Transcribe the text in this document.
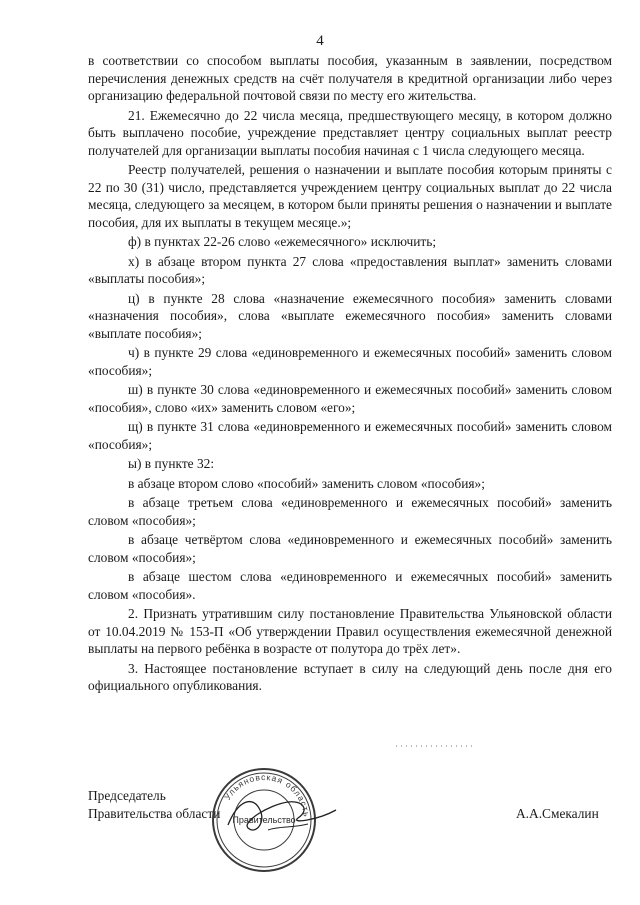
4

в соответствии со способом выплаты пособия, указанным в заявлении, посредством перечисления денежных средств на счёт получателя в кредитной организации либо через организацию федеральной почтовой связи по месту его жительства.

21. Ежемесячно до 22 числа месяца, предшествующего месяцу, в котором должно быть выплачено пособие, учреждение представляет центру социальных выплат реестр получателей для организации выплаты пособия начиная с 1 числа следующего месяца.

Реестр получателей, решения о назначении и выплате пособия которым приняты с 22 по 30 (31) число, представляется учреждением центру социальных выплат до 22 числа месяца, следующего за месяцем, в котором были приняты решения о назначении и выплате пособия, для их выплаты в текущем месяце.»;

ф) в пунктах 22-26 слово «ежемесячного» исключить;

х) в абзаце втором пункта 27 слова «предоставления выплат» заменить словами «выплаты пособия»;

ц) в пункте 28 слова «назначение ежемесячного пособия» заменить словами «назначения пособия», слова «выплате ежемесячного пособия» заменить словами «выплате пособия»;

ч) в пункте 29 слова «единовременного и ежемесячных пособий» заменить словом «пособия»;

ш) в пункте 30 слова «единовременного и ежемесячных пособий» заменить словом «пособия», слово «их» заменить словом «его»;

щ) в пункте 31 слова «единовременного и ежемесячных пособий» заменить словом «пособия»;

ы) в пункте 32:

в абзаце втором слово «пособий» заменить словом «пособия»;

в абзаце третьем слова «единовременного и ежемесячных пособий» заменить словом «пособия»;

в абзаце четвёртом слова «единовременного и ежемесячных пособий» заменить словом «пособия»;

в абзаце шестом слова «единовременного и ежемесячных пособий» заменить словом «пособия».

2. Признать утратившим силу постановление Правительства Ульяновской области от 10.04.2019 № 153-П «Об утверждении Правил осуществления ежемесячной денежной выплаты на первого ребёнка в возрасте от полутора до трёх лет».

3. Настоящее постановление вступает в силу на следующий день после дня его официального опубликования.

Председатель
Правительства области
Ульяновская область
Правительство	А.А.Смекалин
